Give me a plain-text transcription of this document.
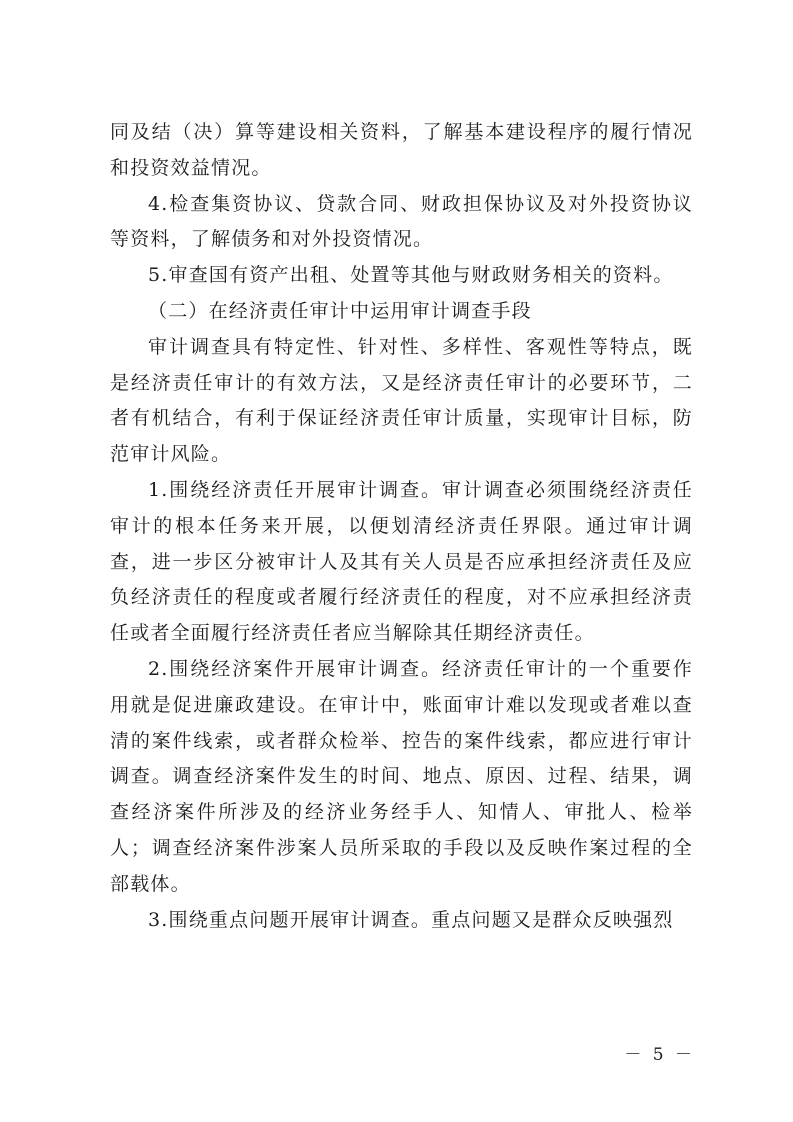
同及结（决）算等建设相关资料，了解基本建设程序的履行情况和投资效益情况。

4.检查集资协议、贷款合同、财政担保协议及对外投资协议等资料，了解债务和对外投资情况。

5.审查国有资产出租、处置等其他与财政财务相关的资料。

（二）在经济责任审计中运用审计调查手段

审计调查具有特定性、针对性、多样性、客观性等特点，既是经济责任审计的有效方法，又是经济责任审计的必要环节，二者有机结合，有利于保证经济责任审计质量，实现审计目标，防范审计风险。

1.围绕经济责任开展审计调查。审计调查必须围绕经济责任审计的根本任务来开展，以便划清经济责任界限。通过审计调查，进一步区分被审计人及其有关人员是否应承担经济责任及应负经济责任的程度或者履行经济责任的程度，对不应承担经济责任或者全面履行经济责任者应当解除其任期经济责任。

2.围绕经济案件开展审计调查。经济责任审计的一个重要作用就是促进廉政建设。在审计中，账面审计难以发现或者难以查清的案件线索，或者群众检举、控告的案件线索，都应进行审计调查。调查经济案件发生的时间、地点、原因、过程、结果，调查经济案件所涉及的经济业务经手人、知情人、审批人、检举人；调查经济案件涉案人员所采取的手段以及反映作案过程的全部载体。

3.围绕重点问题开展审计调查。重点问题又是群众反映强烈

－ 5 －
